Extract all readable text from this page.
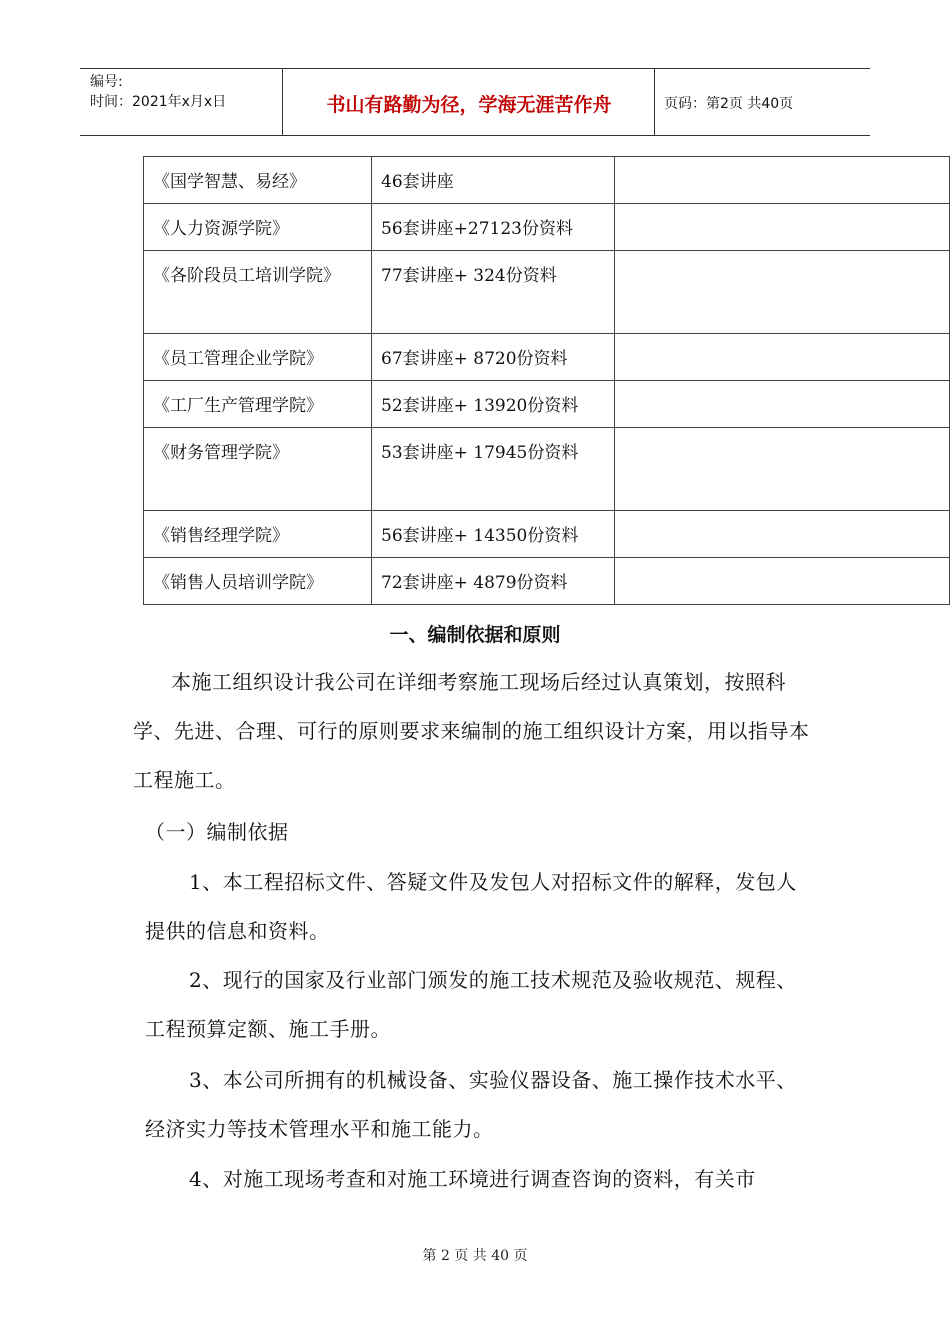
编号:
时间：2021年x月x日	书山有路勤为径，学海无涯苦作舟	页码：第2页 共40页
《国学智慧、易经》	46套讲座	
《人力资源学院》	56套讲座+27123份资料	
《各阶段员工培训学院》	77套讲座+ 324份资料	
《员工管理企业学院》	67套讲座+ 8720份资料	
《工厂生产管理学院》	52套讲座+ 13920份资料	
《财务管理学院》	53套讲座+ 17945份资料	
《销售经理学院》	56套讲座+ 14350份资料	
《销售人员培训学院》	72套讲座+ 4879份资料	
一、编制依据和原则
本施工组织设计我公司在详细考察施工现场后经过认真策划，按照科学、先进、合理、可行的原则要求来编制的施工组织设计方案，用以指导本工程施工。
（一）编制依据
1、本工程招标文件、答疑文件及发包人对招标文件的解释，发包人提供的信息和资料。
2、现行的国家及行业部门颁发的施工技术规范及验收规范、规程、工程预算定额、施工手册。
3、本公司所拥有的机械设备、实验仪器设备、施工操作技术水平、经济实力等技术管理水平和施工能力。
4、对施工现场考查和对施工环境进行调查咨询的资料，有关市
第 2 页 共 40 页
